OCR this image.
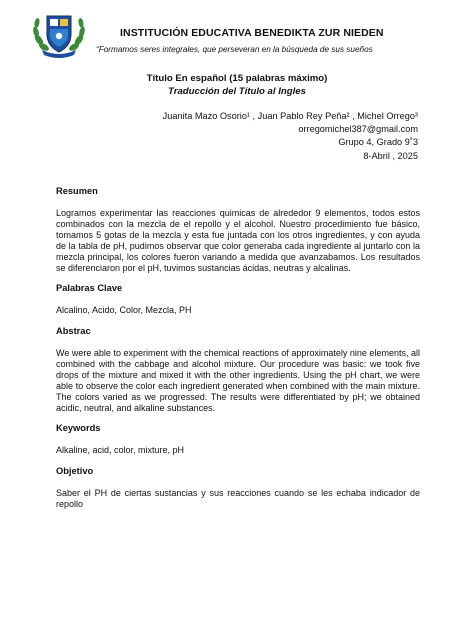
INSTITUCIÓN EDUCATIVA BENEDIKTA ZUR NIEDEN
“Formamos seres integrales, que perseveran en la búsqueda de sus sueños
Título En español (15 palabras máximo)
Traducción del Título al Ingles
Juanita Mazo Osorio¹ , Juan Pablo Rey Peña² , Michel Orrego³
orregomichel387@gmail.com
Grupo 4, Grado 9˚3
8-Abril , 2025
Resumen
Logramos experimentar las reacciones quimicas de alrededor 9 elementos, todos estos combinados con la mezcla de el repollo y el alcohol. Nuestro procedimiento fue básico, tomamos 5 gotas de la mezcla y esta fue juntada con los otros ingredientes, y con ayuda de la tabla de pH, pudimos observar que color generaba cada ingrediente al juntarlo con la mezcla principal, los colores fueron variando a medida que avanzabamos. Los resultados se diferenciaron por el pH, tuvimos sustancias ácidas, neutras y alcalinas.
Palabras Clave
Alcalino, Acido, Color, Mezcla, PH
Abstrac
We were able to experiment with the chemical reactions of approximately nine elements, all combined with the cabbage and alcohol mixture. Our procedure was basic: we took five drops of the mixture and mixed it with the other ingredients. Using the pH chart, we were able to observe the color each ingredient generated when combined with the main mixture. The colors varied as we progressed. The results were differentiated by pH; we obtained acidic, neutral, and alkaline substances.
Keywords
Alkaline, acid, color, mixture, pH
Objetivo
Saber el PH de ciertas sustancias y sus reacciones cuando se les echaba indicador de repollo
